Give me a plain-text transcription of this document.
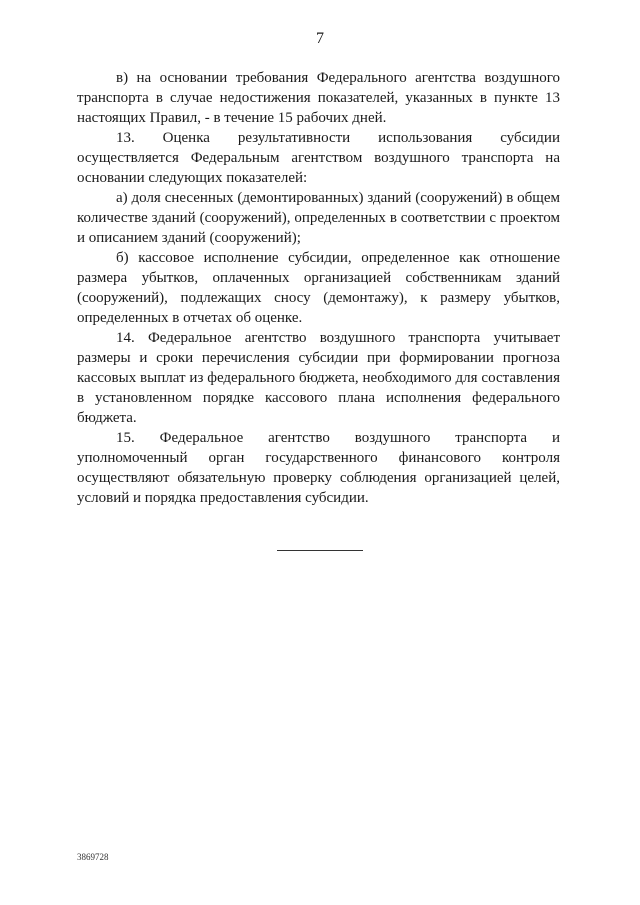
7

в) на основании требования Федерального агентства воздушного транспорта в случае недостижения показателей, указанных в пункте 13 настоящих Правил, - в течение 15 рабочих дней.

13. Оценка результативности использования субсидии осуществляется Федеральным агентством воздушного транспорта на основании следующих показателей:

а) доля снесенных (демонтированных) зданий (сооружений) в общем количестве зданий (сооружений), определенных в соответствии с проектом и описанием зданий (сооружений);

б) кассовое исполнение субсидии, определенное как отношение размера убытков, оплаченных организацией собственникам зданий (сооружений), подлежащих сносу (демонтажу), к размеру убытков, определенных в отчетах об оценке.

14. Федеральное агентство воздушного транспорта учитывает размеры и сроки перечисления субсидии при формировании прогноза кассовых выплат из федерального бюджета, необходимого для составления в установленном порядке кассового плана исполнения федерального бюджета.

15. Федеральное агентство воздушного транспорта и уполномоченный орган государственного финансового контроля осуществляют обязательную проверку соблюдения организацией целей, условий и порядка предоставления субсидии.

3869728
